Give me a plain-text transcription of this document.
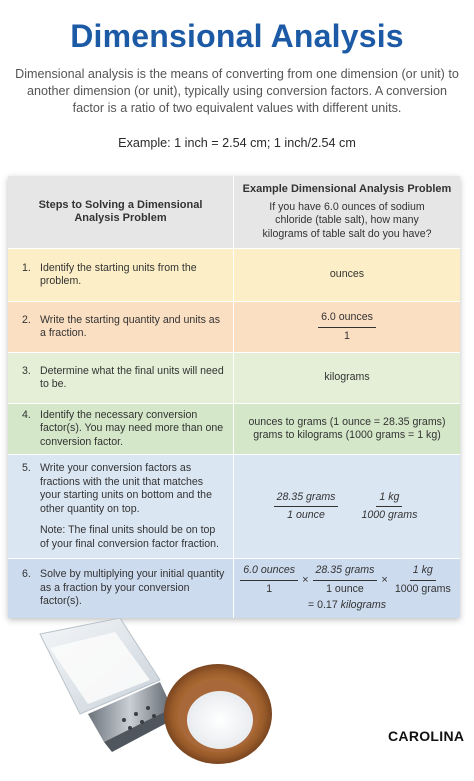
Dimensional Analysis
Dimensional analysis is the means of converting from one dimension (or unit) to another dimension (or unit), typically using conversion factors. A conversion factor is a ratio of two equivalent values with different units.
Example: 1 inch = 2.54 cm; 1 inch/2.54 cm
Steps to Solving a Dimensional Analysis Problem
Example Dimensional Analysis Problem
If you have 6.0 ounces of sodium chloride (table salt), how many kilograms of table salt do you have?
1. Identify the starting units from the problem.
ounces
2. Write the starting quantity and units as a fraction.	$\frac{\text{6.0 ounces}}{1}$
3. Determine what the final units will need to be.
kilograms
4. Identify the necessary conversion factor(s). You may need more than one conversion factor.
ounces to grams (1 ounce = 28.35 grams)
grams to kilograms (1000 grams = 1 kg)
5. Write your conversion factors as fractions with the unit that matches your starting units on bottom and the other quantity on top.
Note: The final units should be on top of your final conversion factor fraction.
$\frac{\text{28.35 grams}}{\text{1 ounce}} \frac{1 kg}{\text{1000 grams}}$
6. Solve by multiplying your initial quantity as a fraction by your conversion factor(s).
$\frac{\text{6.0 ounces}}{1} \times \frac{\text{28.35 grams}}{\text{1 ounce}} \times \frac{1 kg}{\text{1000 grams}}$
= 0.17 kilograms
CAROLINA
